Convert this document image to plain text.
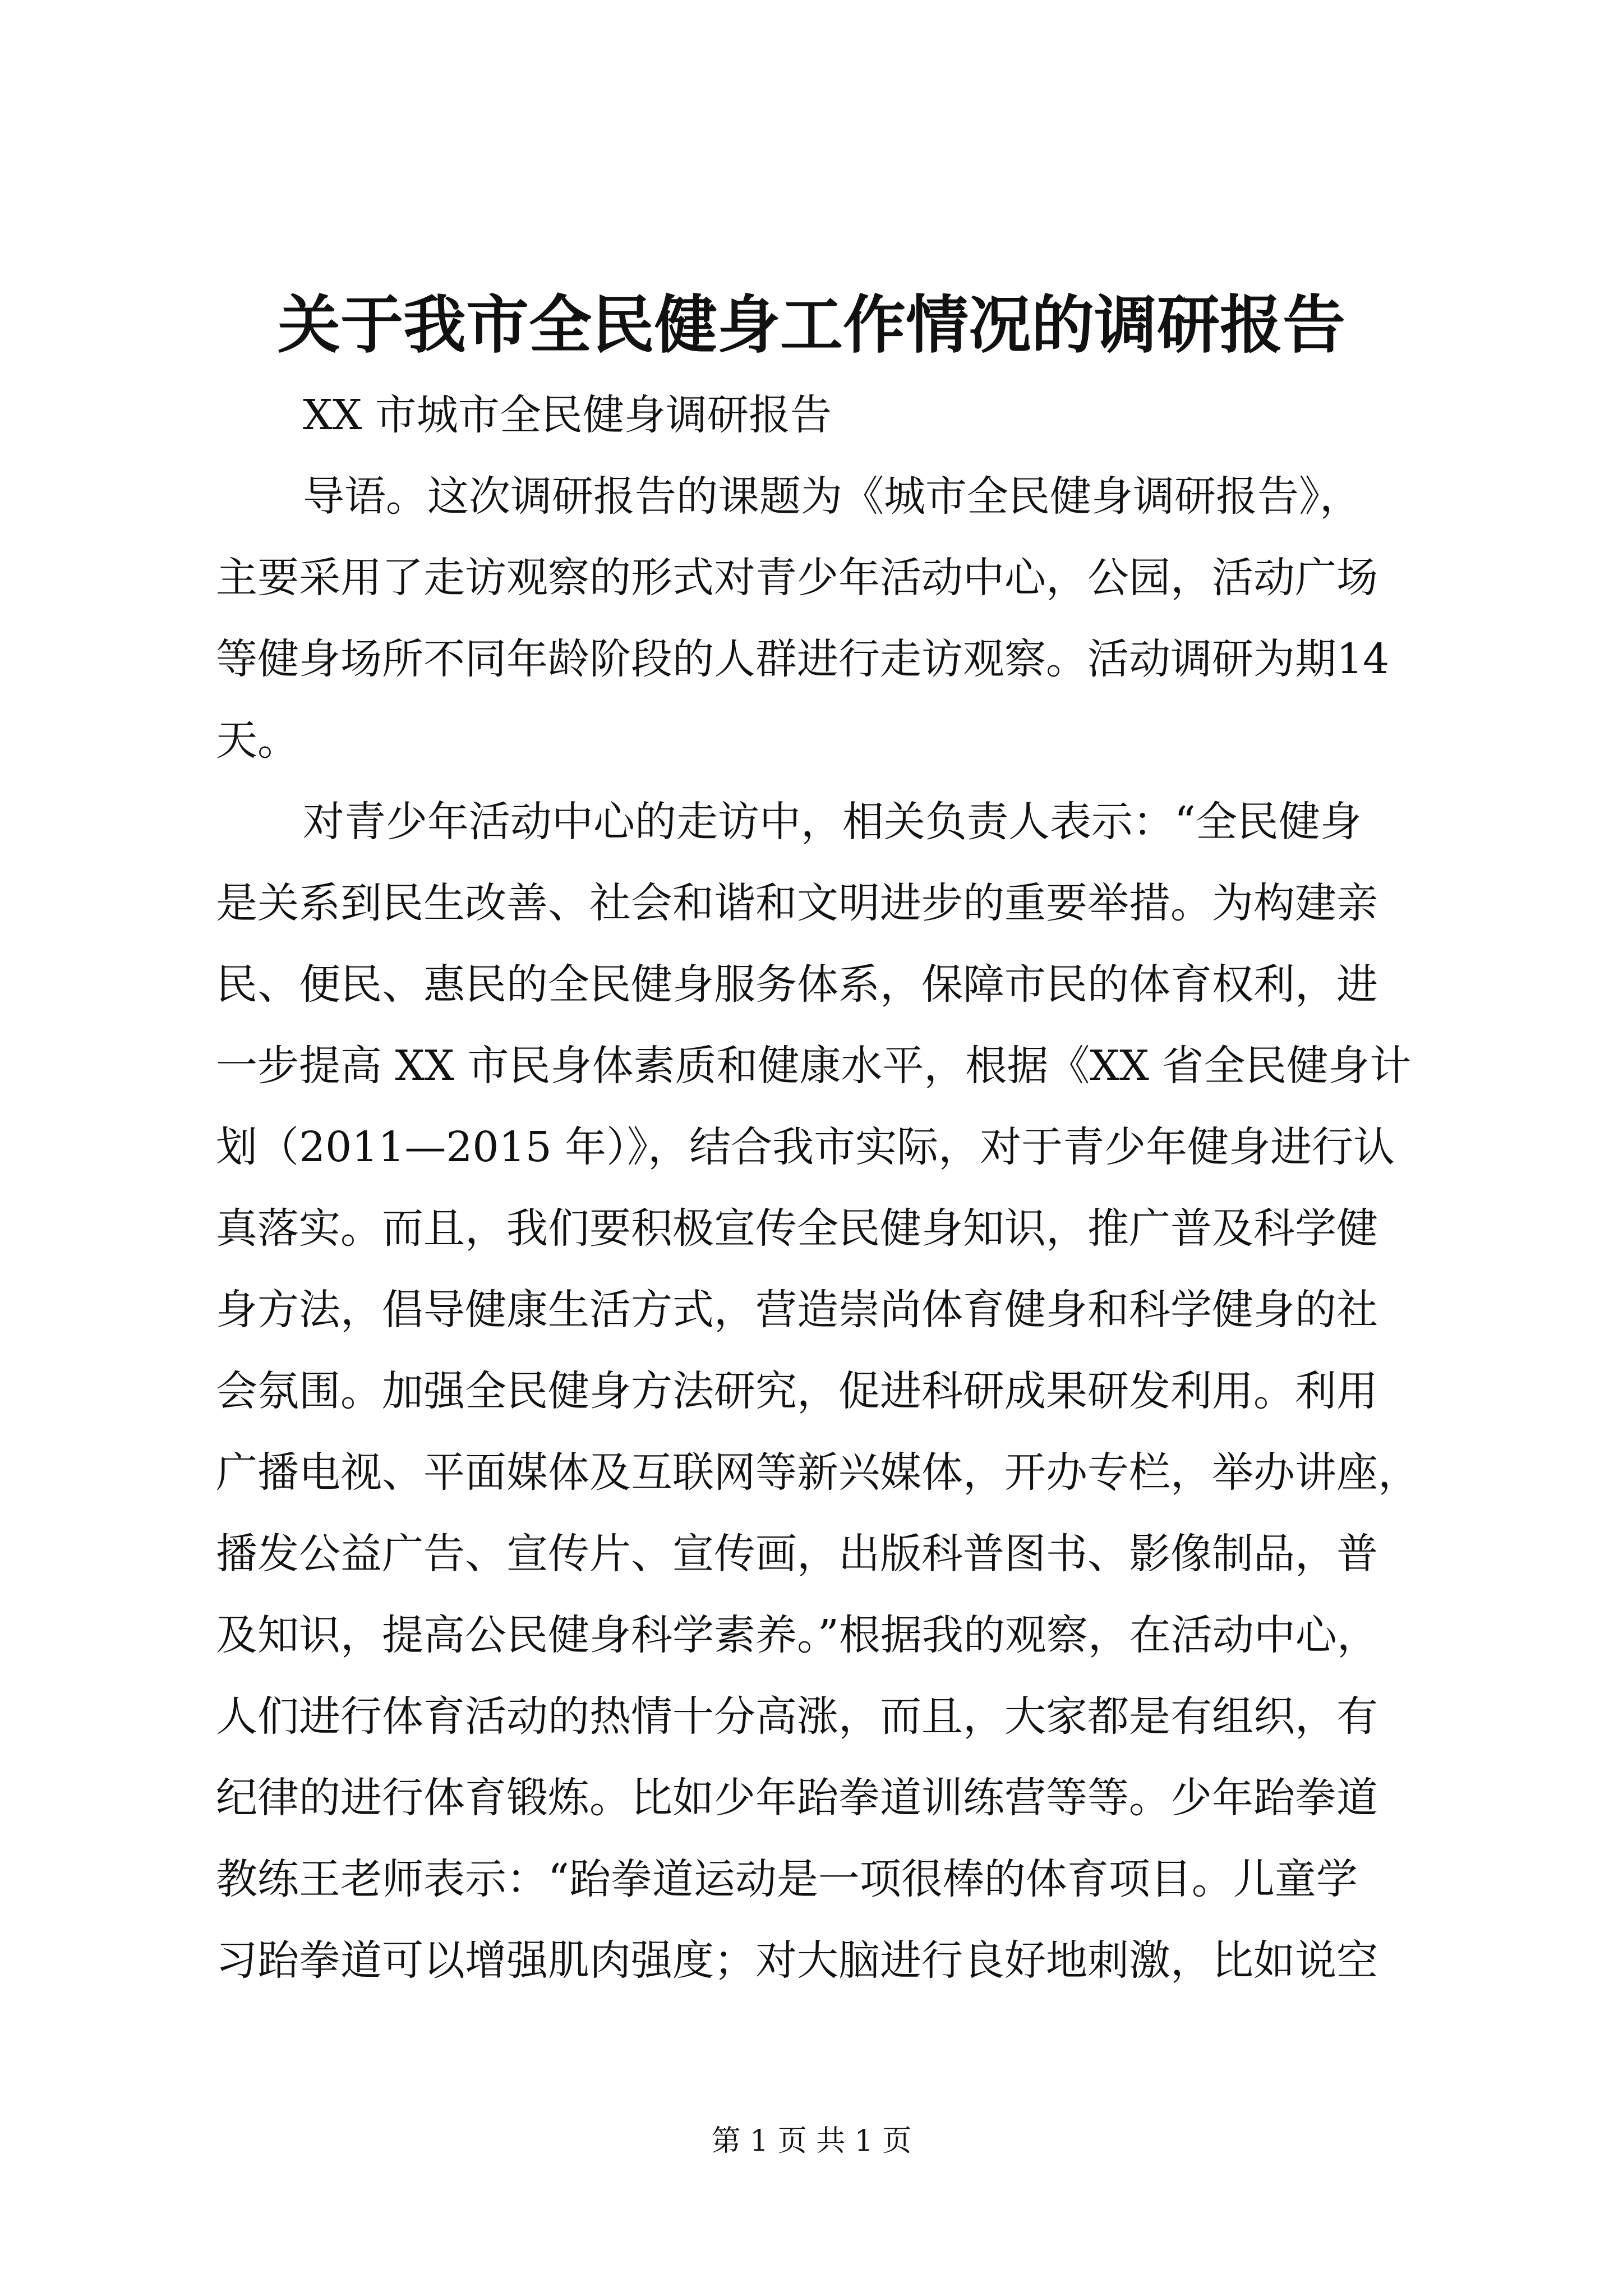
关于我市全民健身工作情况的调研报告
XX 市城市全民健身调研报告
导语。这次调研报告的课题为《城市全民健身调研报告》，
主要采用了走访观察的形式对青少年活动中心，公园，活动广场
等健身场所不同年龄阶段的人群进行走访观察。活动调研为期14
天。
对青少年活动中心的走访中，相关负责人表示：“全民健身
是关系到民生改善、社会和谐和文明进步的重要举措。为构建亲
民、便民、惠民的全民健身服务体系，保障市民的体育权利，进
一步提高 XX 市民身体素质和健康水平，根据《XX 省全民健身计
划（2011—2015 年）》，结合我市实际，对于青少年健身进行认
真落实。而且，我们要积极宣传全民健身知识，推广普及科学健
身方法，倡导健康生活方式，营造崇尚体育健身和科学健身的社
会氛围。加强全民健身方法研究，促进科研成果研发利用。利用
广播电视、平面媒体及互联网等新兴媒体，开办专栏，举办讲座，
播发公益广告、宣传片、宣传画，出版科普图书、影像制品，普
及知识，提高公民健身科学素养。”根据我的观察，在活动中心，
人们进行体育活动的热情十分高涨，而且，大家都是有组织，有
纪律的进行体育锻炼。比如少年跆拳道训练营等等。少年跆拳道
教练王老师表示：“跆拳道运动是一项很棒的体育项目。儿童学
习跆拳道可以增强肌肉强度；对大脑进行良好地刺激，比如说空
第 1 页 共 1 页
